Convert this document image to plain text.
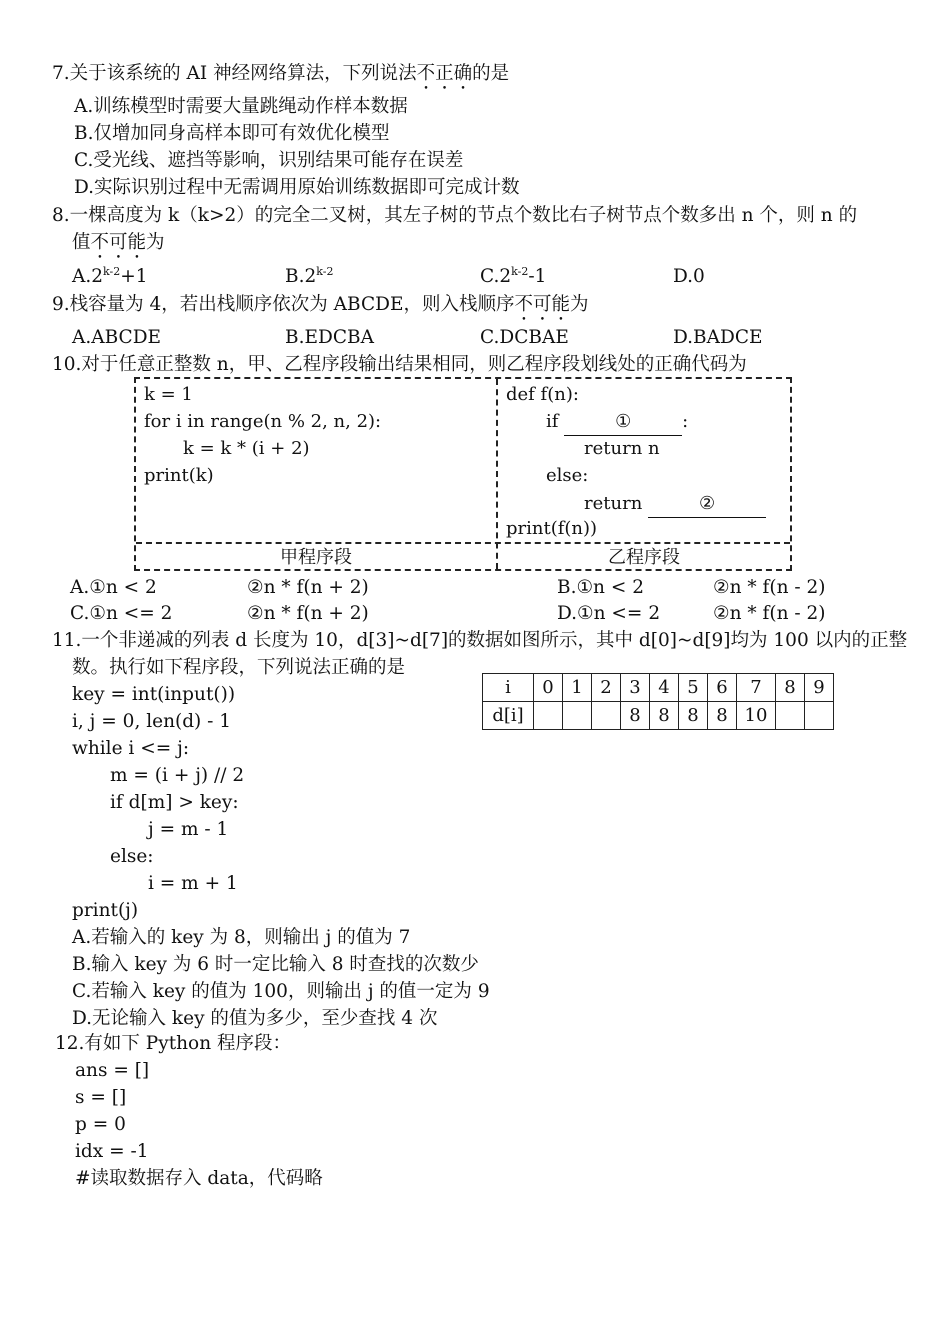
7.关于该系统的 AI 神经网络算法，下列说法不正确的是
A.训练模型时需要大量跳绳动作样本数据
B.仅增加同身高样本即可有效优化模型
C.受光线、遮挡等影响，识别结果可能存在误差
D.实际识别过程中无需调用原始训练数据即可完成计数
8.一棵高度为 k（k>2）的完全二叉树，其左子树的节点个数比右子树节点个数多出 n 个，则 n 的
值不可能为
$A.2^{k-2}+1$	B.2$^{k-2}$	C.2$^{k-2}$-1	D.0
9.栈容量为 4，若出栈顺序依次为 ABCDE，则入栈顺序不可能为
A.ABCDE	B.EDCBA	C.DCBAE	D.BADCE
10.对于任意正整数 n，甲、乙程序段输出结果相同，则乙程序段划线处的正确代码为
k = 1
for i in range(n % 2, n, 2):
k = k * (i + 2)
print(k)
def f(n):
if	①	:
return n
else:
return	②
print(f(n))
甲程序段	乙程序段
A.①n < 2	②n * f(n + 2)	B.①n < 2	②n * f(n - 2)
C.①n <= 2	②n * f(n + 2)	D.①n <= 2	②n * f(n - 2)
11.一个非递减的列表 d 长度为 10，d[3]~d[7]的数据如图所示，其中 d[0]~d[9]均为 100 以内的正整
数。执行如下程序段，下列说法正确的是
i	0	1	2	3	4	5	6	7	8	9
d[i]				8	8	8	8	10		
key = int(input())
i, j = 0, len(d) - 1
while i <= j:
m = (i + j) // 2
if d[m] > key:
j = m - 1
else:
i = m + 1
print(j)
A.若输入的 key 为 8，则输出 j 的值为 7
B.输入 key 为 6 时一定比输入 8 时查找的次数少
C.若输入 key 的值为 100，则输出 j 的值一定为 9
D.无论输入 key 的值为多少，至少查找 4 次
12.有如下 Python 程序段：
ans = []
s = []
p = 0
idx = -1
#读取数据存入 data，代码略
